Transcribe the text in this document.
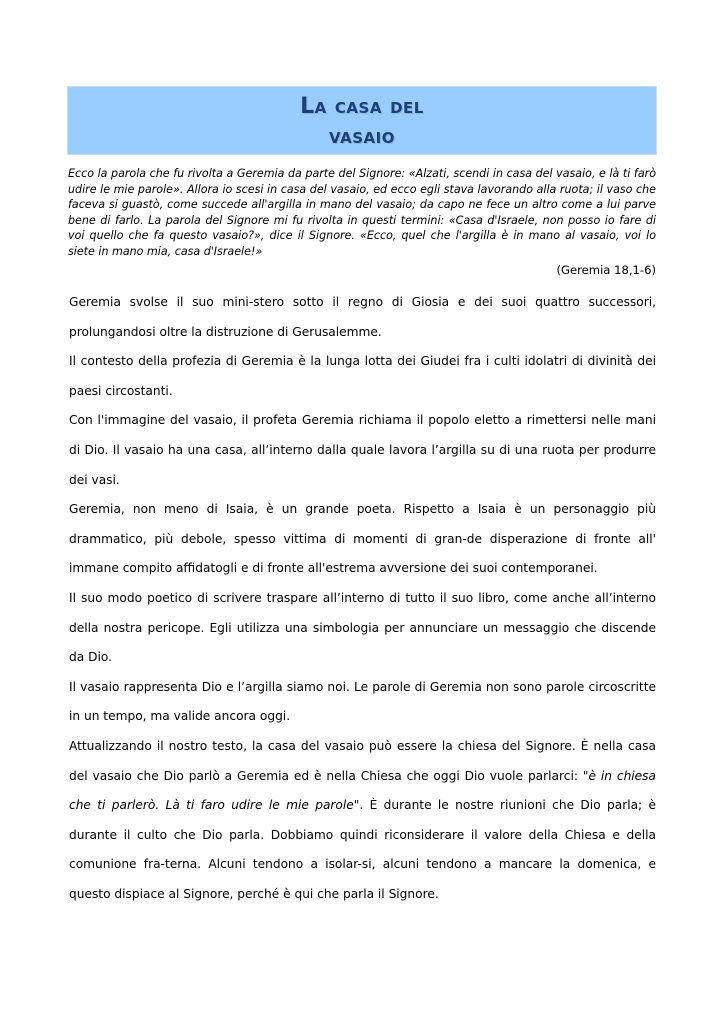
La casa del
vasaio

Ecco la parola che fu rivolta a Geremia da parte del Signore: «Alzati, scendi in casa del vasaio, e là ti farò udire le mie parole». Allora io scesi in casa del vasaio, ed ecco egli stava lavorando alla ruota; il vaso che faceva si guastò, come succede all'argilla in mano del vasaio; da capo ne fece un altro come a lui parve bene di farlo. La parola del Signore mi fu rivolta in questi termini: «Casa d'Israele, non posso io fare di voi quello che fa questo vasaio?», dice il Signore. «Ecco, quel che l'argilla è in mano al vasaio, voi lo siete in mano mia, casa d'Israele!»

(Geremia 18,1-6)

Geremia svolse il suo mini-stero sotto il regno di Giosia e dei suoi quattro successori, prolungandosi oltre la distruzione di Gerusalemme.

Il contesto della profezia di Geremia è la lunga lotta dei Giudei fra i culti idolatri di divinità dei paesi circostanti.

Con l'immagine del vasaio, il profeta Geremia richiama il popolo eletto a rimettersi nelle mani di Dio. Il vasaio ha una casa, all’interno dalla quale lavora l’argilla su di una ruota per produrre dei vasi.

Geremia, non meno di Isaia, è un grande poeta. Rispetto a Isaia è un personaggio più drammatico, più debole, spesso vittima di momenti di gran-de disperazione di fronte all' immane compito affidatogli e di fronte all'estrema avversione dei suoi contemporanei.

Il suo modo poetico di scrivere traspare all’interno di tutto il suo libro, come anche all’interno della nostra pericope. Egli utilizza una simbologia per annunciare un messaggio che discende da Dio.

Il vasaio rappresenta Dio e l’argilla siamo noi. Le parole di Geremia non sono parole circoscritte in un tempo, ma valide ancora oggi.

Attualizzando il nostro testo, la casa del vasaio può essere la chiesa del Signore. È nella casa del vasaio che Dio parlò a Geremia ed è nella Chiesa che oggi Dio vuole parlarci: "è in chiesa che ti parlerò. Là ti faro udire le mie parole". È durante le nostre riunioni che Dio parla; è durante il culto che Dio parla. Dobbiamo quindi riconsiderare il valore della Chiesa e della comunione fra-terna. Alcuni tendono a isolar-si, alcuni tendono a mancare la domenica, e questo dispiace al Signore, perché è qui che parla il Signore.
